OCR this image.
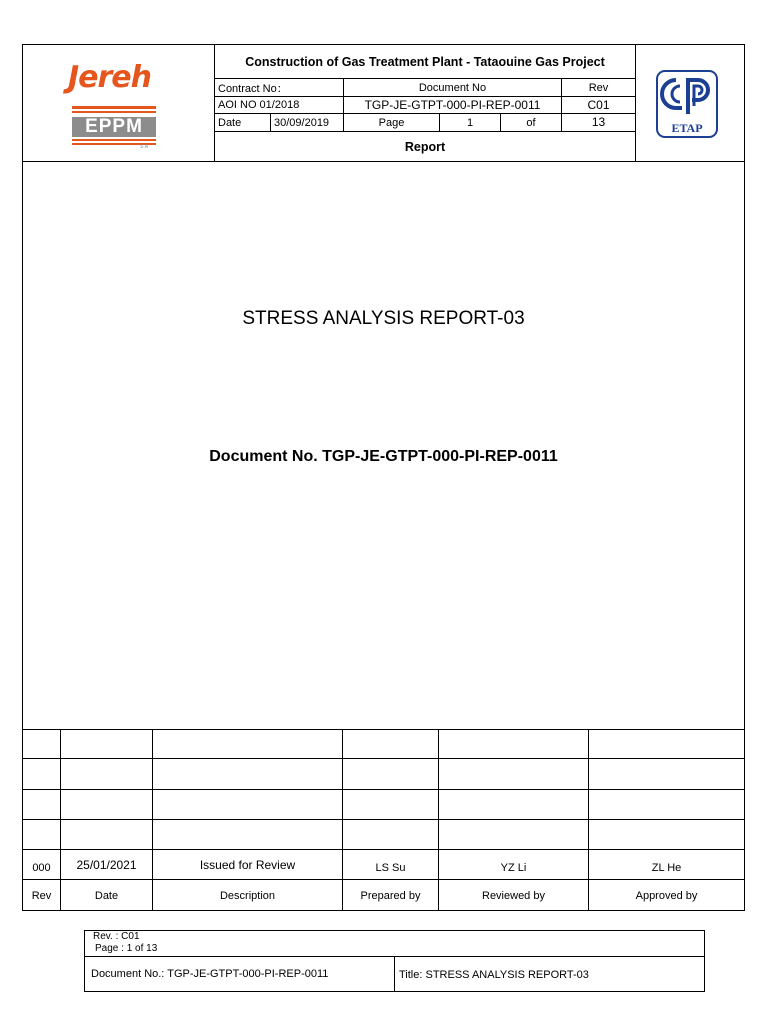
Jereh
EPPM
S.A
ETAP
Construction of Gas Treatment Plant - Tataouine Gas Project
Contract No：	Document No	Rev
AOI NO 01/2018	TGP-JE-GTPT-000-PI-REP-0011	C01
Date	30/09/2019	Page	1	of	13
Report
STRESS ANALYSIS REPORT-03
Document No. TGP-JE-GTPT-000-PI-REP-0011
000	25/01/2021	Issued for Review	LS Su	YZ Li	ZL He
Rev	Date	Description	Prepared by	Reviewed by	Approved by
Rev. : C01
Page : 1 of 13
Document No.: TGP-JE-GTPT-000-PI-REP-0011	Title: STRESS ANALYSIS REPORT-03
